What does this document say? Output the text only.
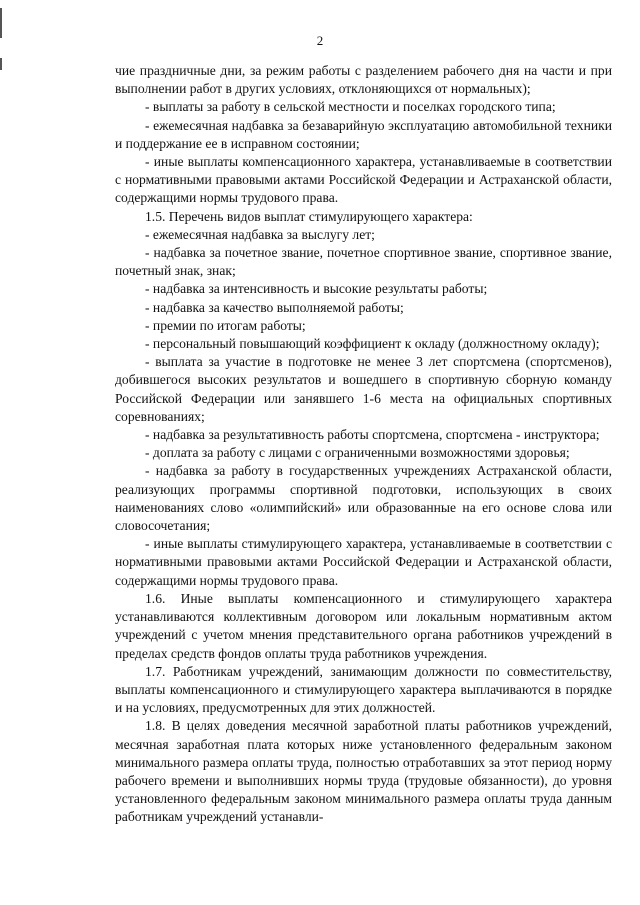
2

чие праздничные дни, за режим работы с разделением рабочего дня на части и при выполнении работ в других условиях, отклоняющихся от нормальных);

- выплаты за работу в сельской местности и поселках городского типа;

- ежемесячная надбавка за безаварийную эксплуатацию автомобильной техники и поддержание ее в исправном состоянии;

- иные выплаты компенсационного характера, устанавливаемые в соответствии с нормативными правовыми актами Российской Федерации и Астраханской области, содержащими нормы трудового права.

1.5. Перечень видов выплат стимулирующего характера:

- ежемесячная надбавка за выслугу лет;

- надбавка за почетное звание, почетное спортивное звание, спортивное звание, почетный знак, знак;

- надбавка за интенсивность и высокие результаты работы;

- надбавка за качество выполняемой работы;

- премии по итогам работы;

- персональный повышающий коэффициент к окладу (должностному окладу);

- выплата за участие в подготовке не менее 3 лет спортсмена (спортсменов), добившегося высоких результатов и вошедшего в спортивную сборную команду Российской Федерации или занявшего 1-6 места на официальных спортивных соревнованиях;

- надбавка за результативность работы спортсмена, спортсмена - инструктора;

- доплата за работу с лицами с ограниченными возможностями здоровья;

- надбавка за работу в государственных учреждениях Астраханской области, реализующих программы спортивной подготовки, использующих в своих наименованиях слово «олимпийский» или образованные на его основе слова или словосочетания;

- иные выплаты стимулирующего характера, устанавливаемые в соответствии с нормативными правовыми актами Российской Федерации и Астраханской области, содержащими нормы трудового права.

1.6. Иные выплаты компенсационного и стимулирующего характера устанавливаются коллективным договором или локальным нормативным актом учреждений с учетом мнения представительного органа работников учреждений в пределах средств фондов оплаты труда работников учреждения.

1.7. Работникам учреждений, занимающим должности по совместительству, выплаты компенсационного и стимулирующего характера выплачиваются в порядке и на условиях, предусмотренных для этих должностей.

1.8. В целях доведения месячной заработной платы работников учреждений, месячная заработная плата которых ниже установленного федеральным законом минимального размера оплаты труда, полностью отработавших за этот период норму рабочего времени и выполнивших нормы труда (трудовые обязанности), до уровня установленного федеральным законом минимального размера оплаты труда данным работникам учреждений устанавли-
